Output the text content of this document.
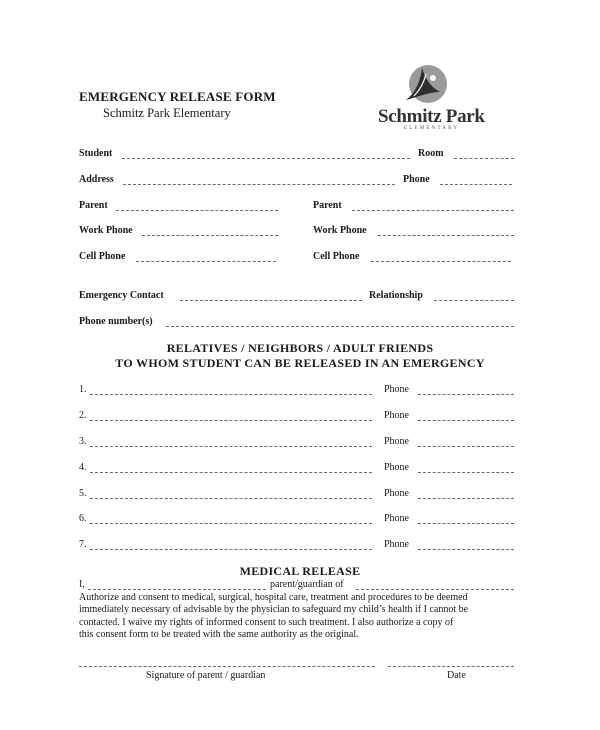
EMERGENCY RELEASE FORM
Schmitz Park Elementary	Schmitz Park
ELEMENTARY
Student	Room
Address	Phone
Parent	Parent
Work Phone	Work Phone
Cell Phone	Cell Phone
Emergency Contact	Relationship
Phone number(s)
RELATIVES / NEIGHBORS / ADULT FRIENDS
TO WHOM STUDENT CAN BE RELEASED IN AN EMERGENCY
1.	Phone
2.	Phone
3.	Phone
4.	Phone
5.	Phone
6.	Phone
7.	Phone
MEDICAL RELEASE
I,	parent/guardian of
Authorize and consent to medical, surgical, hospital care, treatment and procedures to be deemed
immediately necessary of advisable by the physician to safeguard my child’s health if I cannot be
contacted. I waive my rights of informed consent to such treatment. I also authorize a copy of
this consent form to be treated with the same authority as the original.
Signature of parent / guardian	Date
